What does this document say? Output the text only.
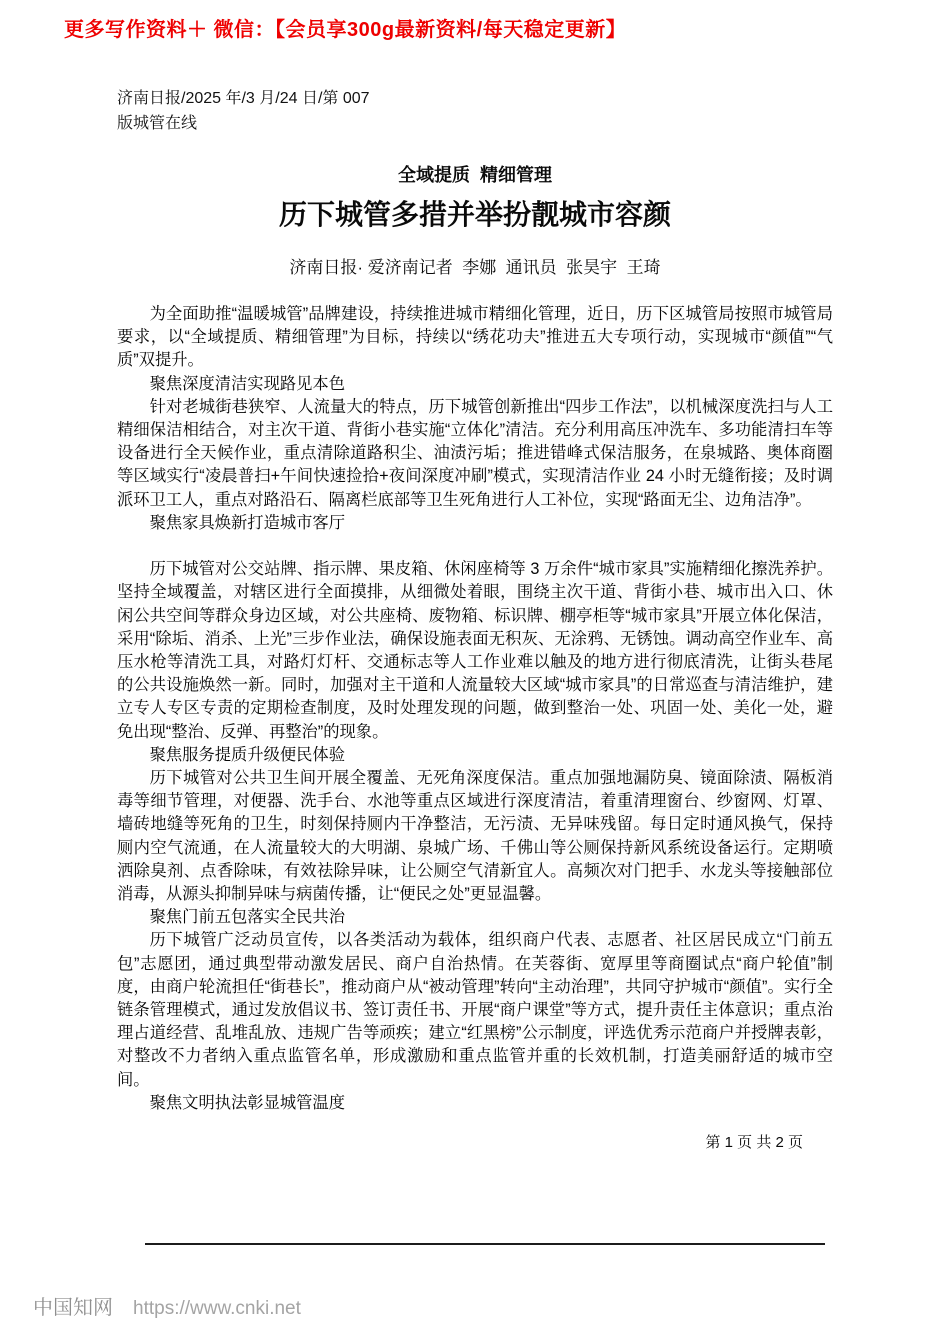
更多写作资料＋ 微信：【会员享300g最新资料/每天稳定更新】
济南日报/2025 年/3 月/24 日/第 007
版城管在线
全域提质  精细管理
历下城管多措并举扮靓城市容颜
济南日报· 爱济南记者  李娜  通讯员  张昊宇  王琦

为全面助推“温暖城管”品牌建设，持续推进城市精细化管理，近日，历下区城管局按照市城管局要求，以“全域提质、精细管理”为目标，持续以“绣花功夫”推进五大专项行动，实现城市“颜值”“气质”双提升。

聚焦深度清洁实现路见本色

针对老城街巷狭窄、人流量大的特点，历下城管创新推出“四步工作法”，以机械深度洗扫与人工精细保洁相结合，对主次干道、背街小巷实施“立体化”清洁。充分利用高压冲洗车、多功能清扫车等设备进行全天候作业，重点清除道路积尘、油渍污垢；推进错峰式保洁服务，在泉城路、奥体商圈等区域实行“凌晨普扫+午间快速捡拾+夜间深度冲刷”模式，实现清洁作业 24 小时无缝衔接；及时调派环卫工人，重点对路沿石、隔离栏底部等卫生死角进行人工补位，实现“路面无尘、边角洁净”。

聚焦家具焕新打造城市客厅

历下城管对公交站牌、指示牌、果皮箱、休闲座椅等 3 万余件“城市家具”实施精细化擦洗养护。坚持全域覆盖，对辖区进行全面摸排，从细微处着眼，围绕主次干道、背街小巷、城市出入口、休闲公共空间等群众身边区域，对公共座椅、废物箱、标识牌、棚亭柜等“城市家具”开展立体化保洁，采用“除垢、消杀、上光”三步作业法，确保设施表面无积灰、无涂鸦、无锈蚀。调动高空作业车、高压水枪等清洗工具，对路灯灯杆、交通标志等人工作业难以触及的地方进行彻底清洗，让街头巷尾的公共设施焕然一新。同时，加强对主干道和人流量较大区域“城市家具”的日常巡查与清洁维护，建立专人专区专责的定期检查制度，及时处理发现的问题，做到整治一处、巩固一处、美化一处，避免出现“整治、反弹、再整治”的现象。

聚焦服务提质升级便民体验

历下城管对公共卫生间开展全覆盖、无死角深度保洁。重点加强地漏防臭、镜面除渍、隔板消毒等细节管理，对便器、洗手台、水池等重点区域进行深度清洁，着重清理窗台、纱窗网、灯罩、墙砖地缝等死角的卫生，时刻保持厕内干净整洁，无污渍、无异味残留。每日定时通风换气，保持厕内空气流通，在人流量较大的大明湖、泉城广场、千佛山等公厕保持新风系统设备运行。定期喷洒除臭剂、点香除味，有效祛除异味，让公厕空气清新宜人。高频次对门把手、水龙头等接触部位消毒，从源头抑制异味与病菌传播，让“便民之处”更显温馨。

聚焦门前五包落实全民共治

历下城管广泛动员宣传，以各类活动为载体，组织商户代表、志愿者、社区居民成立“门前五包”志愿团，通过典型带动激发居民、商户自治热情。在芙蓉街、宽厚里等商圈试点“商户轮值”制度，由商户轮流担任“街巷长”，推动商户从“被动管理”转向“主动治理”，共同守护城市“颜值”。实行全链条管理模式，通过发放倡议书、签订责任书、开展“商户课堂”等方式，提升责任主体意识；重点治理占道经营、乱堆乱放、违规广告等顽疾；建立“红黑榜”公示制度，评选优秀示范商户并授牌表彰，对整改不力者纳入重点监管名单，形成激励和重点监管并重的长效机制，打造美丽舒适的城市空间。

聚焦文明执法彰显城管温度

第 1 页 共 2 页
中国知网 https://www.cnki.net
